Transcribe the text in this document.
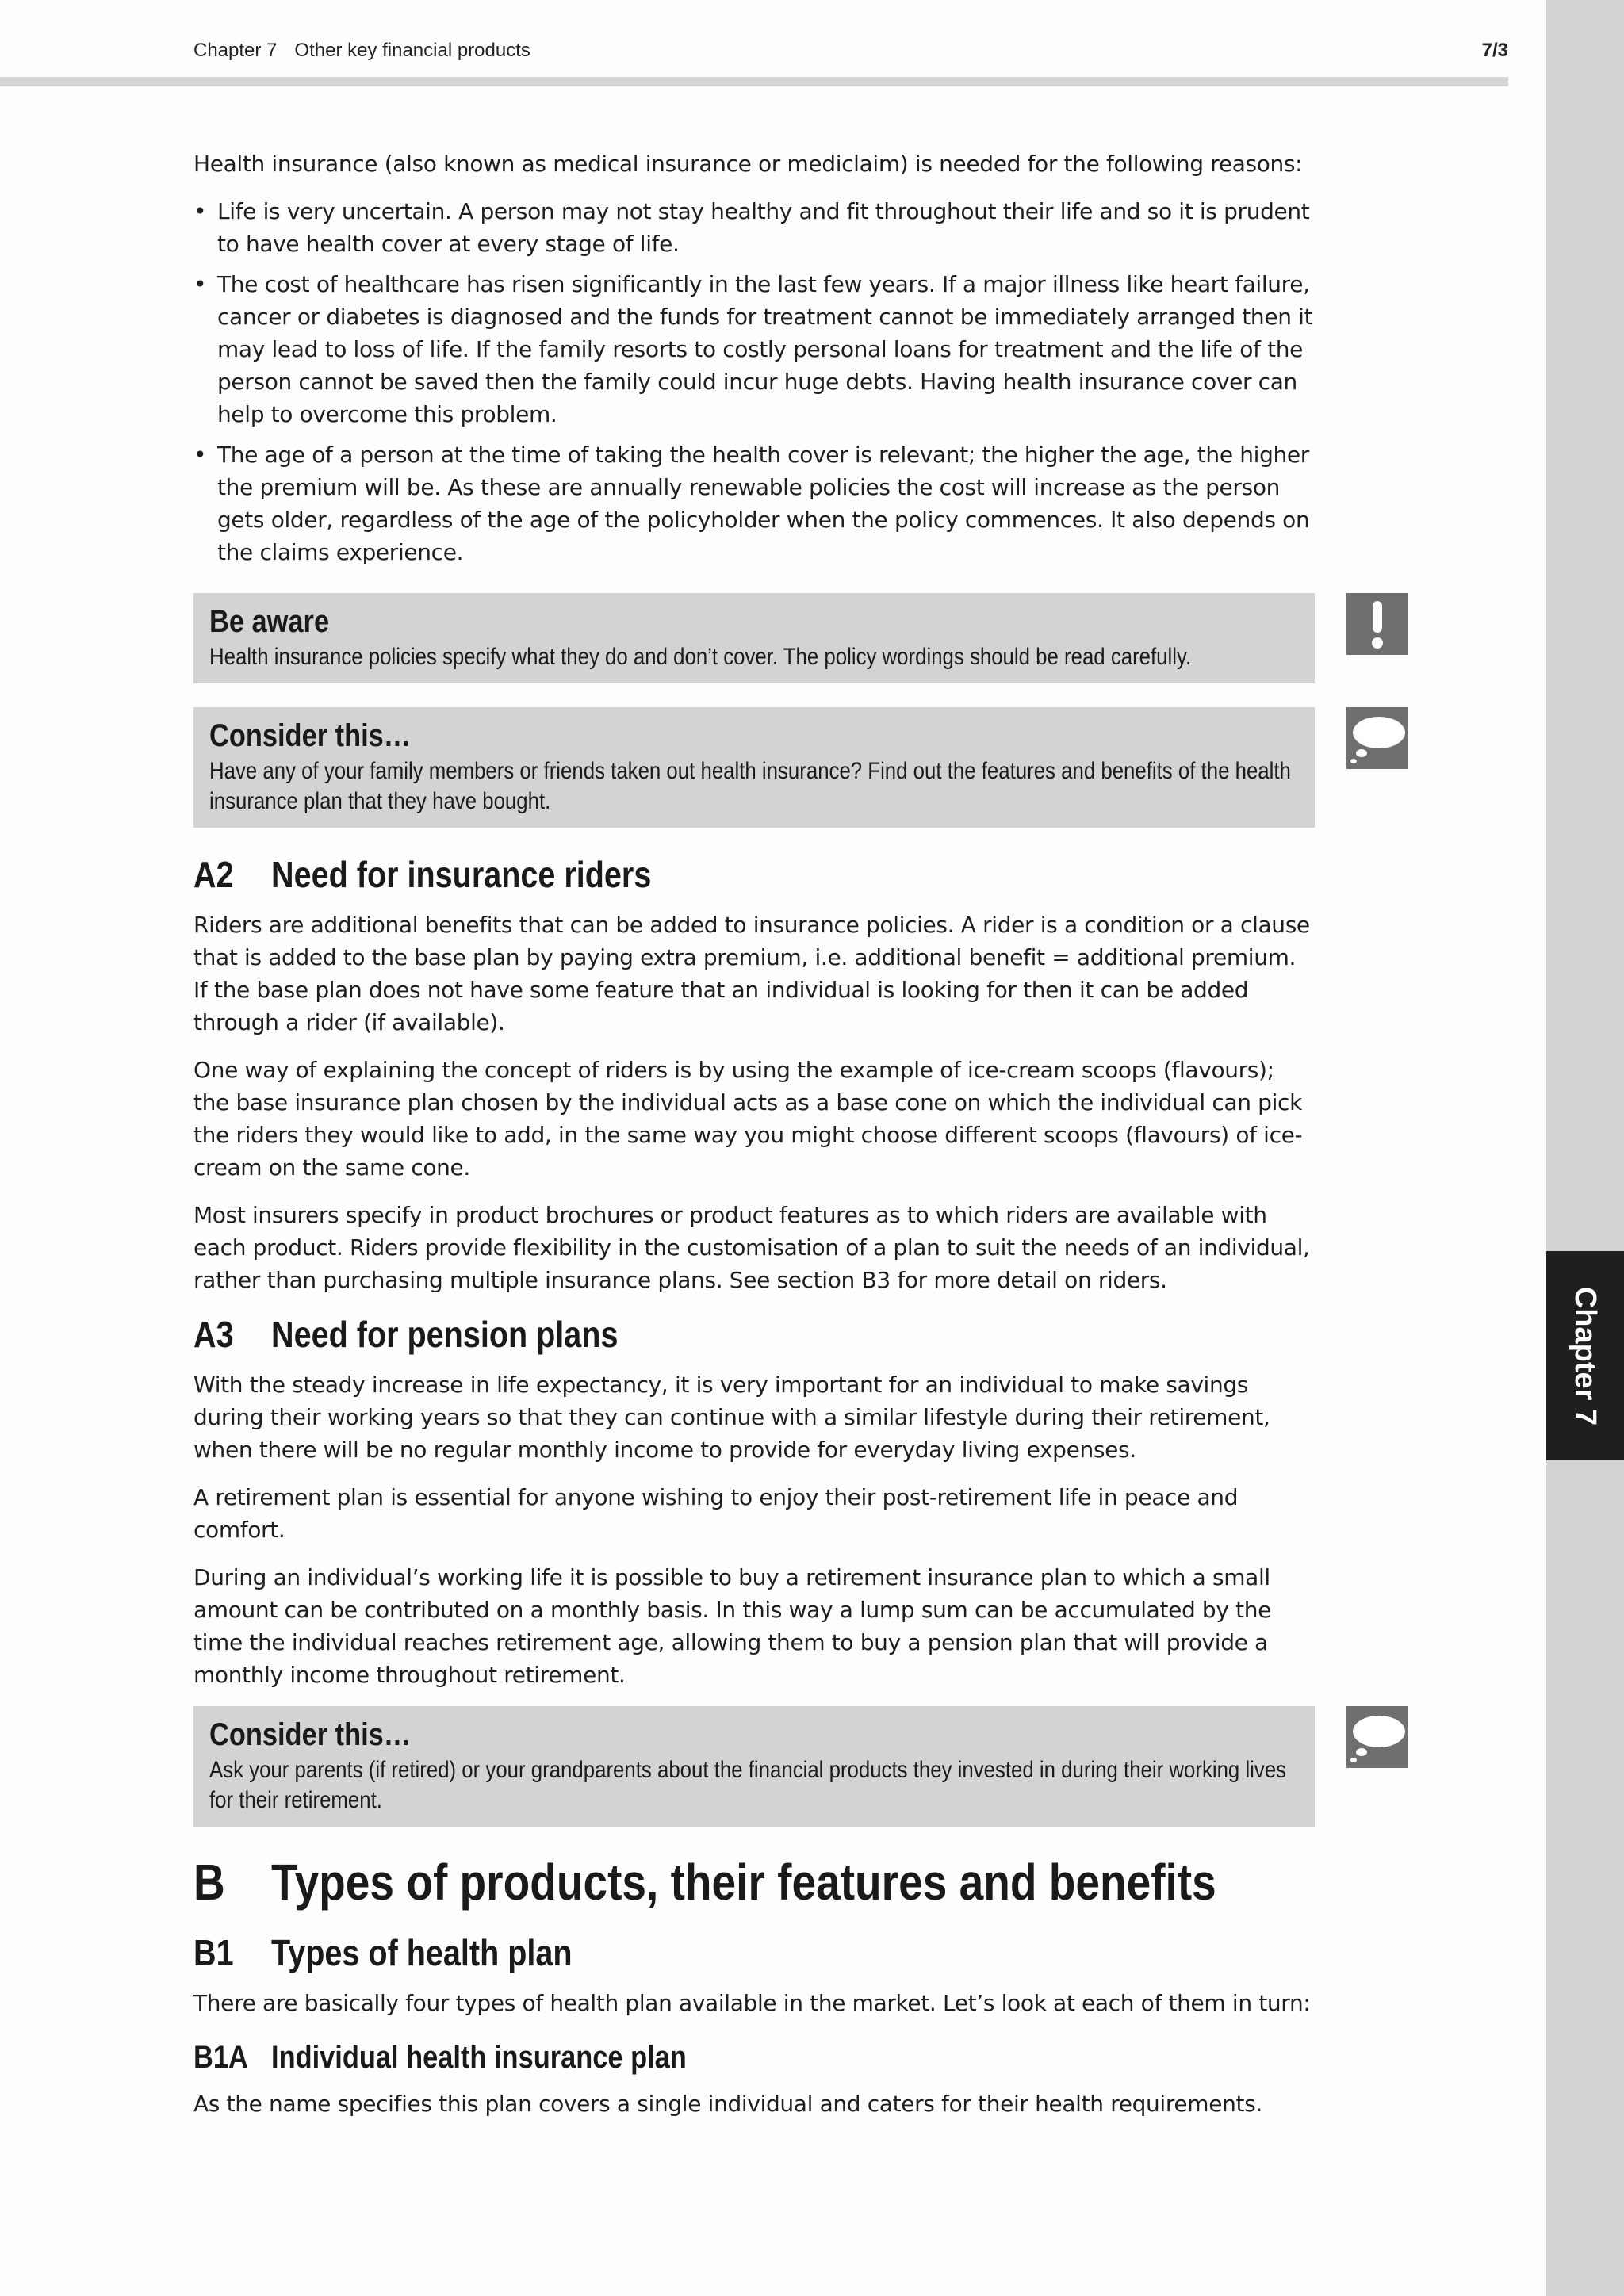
Chapter 7 Other key financial products	7/3
Chapter 7

Health insurance (also known as medical insurance or mediclaim) is needed for the following reasons:

• Life is very uncertain. A person may not stay healthy and fit throughout their life and so it is prudent to have health cover at every stage of life.
• The cost of healthcare has risen significantly in the last few years. If a major illness like heart failure, cancer or diabetes is diagnosed and the funds for treatment cannot be immediately arranged then it may lead to loss of life. If the family resorts to costly personal loans for treatment and the life of the person cannot be saved then the family could incur huge debts. Having health insurance cover can help to overcome this problem.
• The age of a person at the time of taking the health cover is relevant; the higher the age, the higher the premium will be. As these are annually renewable policies the cost will increase as the person gets older, regardless of the age of the policyholder when the policy commences. It also depends on the claims experience.
Be aware
Health insurance policies specify what they do and don’t cover. The policy wordings should be read carefully.
Consider this…
Have any of your family members or friends taken out health insurance? Find out the features and benefits of the health insurance plan that they have bought.
A2 Need for insurance riders

Riders are additional benefits that can be added to insurance policies. A rider is a condition or a clause that is added to the base plan by paying extra premium, i.e. additional benefit = additional premium. If the base plan does not have some feature that an individual is looking for then it can be added through a rider (if available).

One way of explaining the concept of riders is by using the example of ice-cream scoops (flavours); the base insurance plan chosen by the individual acts as a base cone on which the individual can pick the riders they would like to add, in the same way you might choose different scoops (flavours) of ice-cream on the same cone.

Most insurers specify in product brochures or product features as to which riders are available with each product. Riders provide flexibility in the customisation of a plan to suit the needs of an individual, rather than purchasing multiple insurance plans. See section B3 for more detail on riders.

A3 Need for pension plans

With the steady increase in life expectancy, it is very important for an individual to make savings during their working years so that they can continue with a similar lifestyle during their retirement, when there will be no regular monthly income to provide for everyday living expenses.

A retirement plan is essential for anyone wishing to enjoy their post-retirement life in peace and comfort.

During an individual’s working life it is possible to buy a retirement insurance plan to which a small amount can be contributed on a monthly basis. In this way a lump sum can be accumulated by the time the individual reaches retirement age, allowing them to buy a pension plan that will provide a monthly income throughout retirement.

Consider this…
Ask your parents (if retired) or your grandparents about the financial products they invested in during their working lives for their retirement.
B Types of products, their features and benefits
B1 Types of health plan

There are basically four types of health plan available in the market. Let’s look at each of them in turn:

B1A Individual health insurance plan

As the name specifies this plan covers a single individual and caters for their health requirements.
